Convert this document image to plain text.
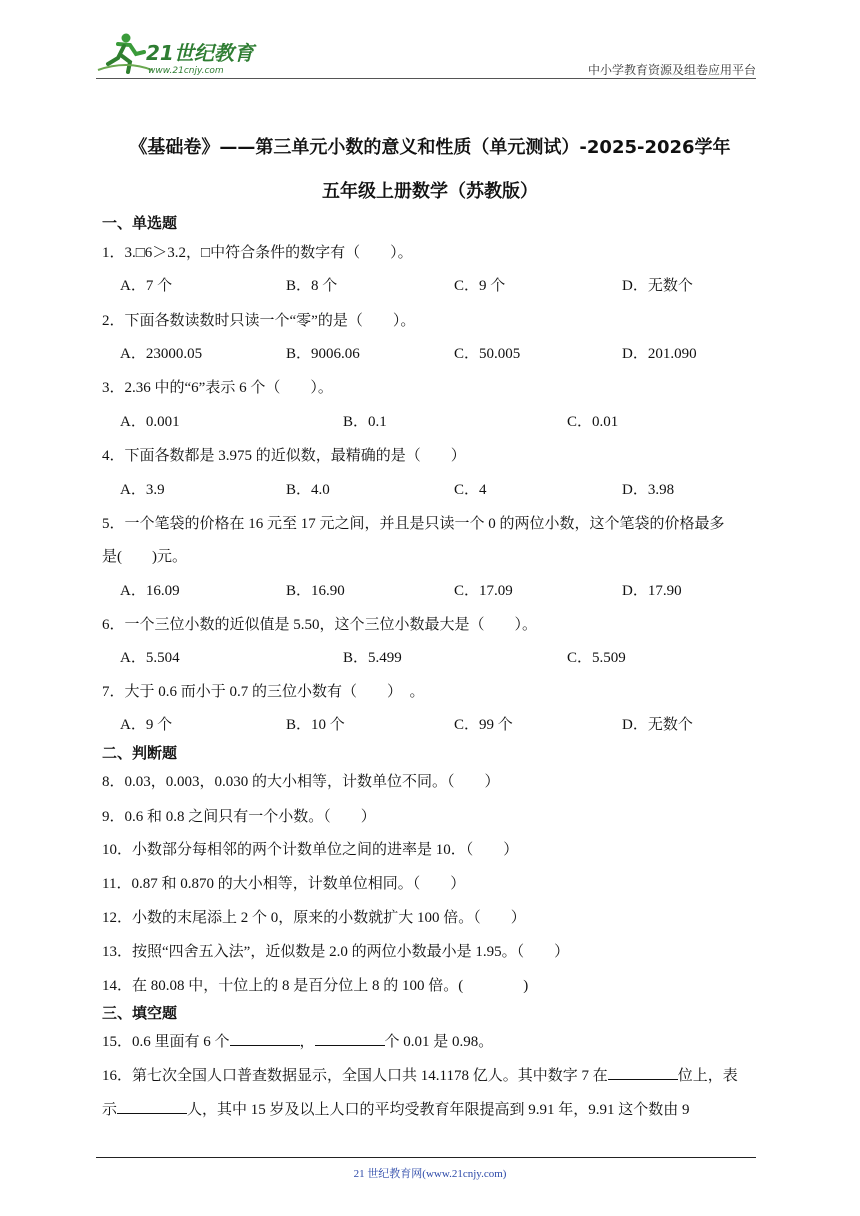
21世纪教育
www.21cnjy.com	中小学教育资源及组卷应用平台
《基础卷》——第三单元小数的意义和性质（单元测试）-2025-2026学年
五年级上册数学（苏教版）
一、单选题
1．3.□6＞3.2，□中符合条件的数字有（　　）。
A．7 个	B．8 个	C．9 个	D．无数个
2．下面各数读数时只读一个“零”的是（　　）。
A．23000.05	B．9006.06	C．50.005	D．201.090
3．2.36 中的“6”表示 6 个（　　）。
A．0.001	B．0.1	C．0.01
4．下面各数都是 3.975 的近似数，最精确的是（　　）
A．3.9	B．4.0	C．4	D．3.98
5．一个笔袋的价格在 16 元至 17 元之间，并且是只读一个 0 的两位小数，这个笔袋的价格最多
是(　　)元。
A．16.09	B．16.90	C．17.09	D．17.90
6．一个三位小数的近似值是 5.50，这个三位小数最大是（　　）。
A．5.504	B．5.499	C．5.509
7．大于 0.6 而小于 0.7 的三位小数有（　　）　。
A．9 个	B．10 个	C．99 个	D．无数个
二、判断题
8．0.03，0.003，0.030 的大小相等，计数单位不同。（　　）
9．0.6 和 0.8 之间只有一个小数。（　　）
10．小数部分每相邻的两个计数单位之间的进率是 10．（　　）
11．0.87 和 0.870 的大小相等，计数单位相同。（　　）
12．小数的末尾添上 2 个 0，原来的小数就扩大 100 倍。（　　）
13．按照“四舍五入法”，近似数是 2.0 的两位小数最小是 1.95。（　　）
14．在 80.08 中，十位上的 8 是百分位上 8 的 100 倍。(　　　　)
三、填空题
15．0.6 里面有 6 个	，	个 0.01 是 0.98。
16．第七次全国人口普查数据显示，全国人口共 14.1178 亿人。其中数字 7 在	位上，表
示	人，其中 15 岁及以上人口的平均受教育年限提高到 9.91 年，9.91 这个数由 9
21 世纪教育网(www.21cnjy.com)
